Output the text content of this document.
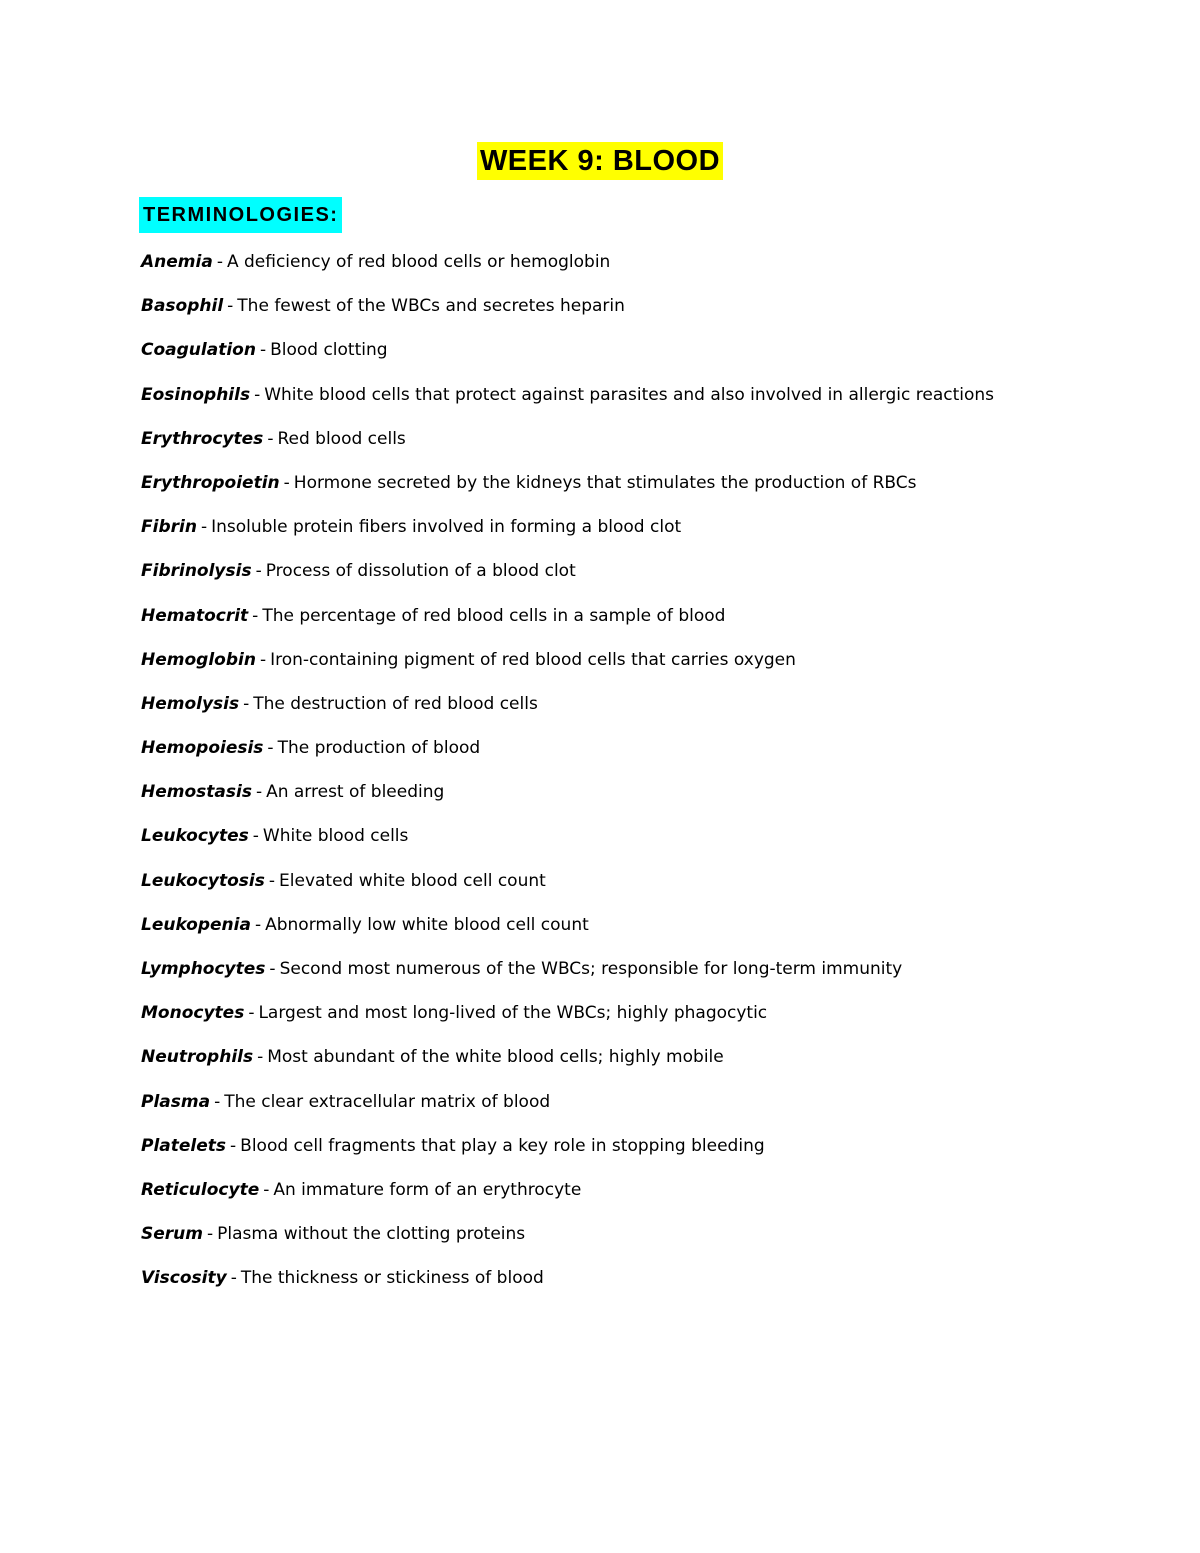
WEEK 9: BLOOD
TERMINOLOGIES:
Anemia - A deficiency of red blood cells or hemoglobin
Basophil - The fewest of the WBCs and secretes heparin
Coagulation - Blood clotting
Eosinophils - White blood cells that protect against parasites and also involved in allergic reactions
Erythrocytes - Red blood cells
Erythropoietin - Hormone secreted by the kidneys that stimulates the production of RBCs
Fibrin - Insoluble protein fibers involved in forming a blood clot
Fibrinolysis - Process of dissolution of a blood clot
Hematocrit - The percentage of red blood cells in a sample of blood
Hemoglobin - Iron-containing pigment of red blood cells that carries oxygen
Hemolysis - The destruction of red blood cells
Hemopoiesis - The production of blood
Hemostasis - An arrest of bleeding
Leukocytes - White blood cells
Leukocytosis - Elevated white blood cell count
Leukopenia - Abnormally low white blood cell count
Lymphocytes - Second most numerous of the WBCs; responsible for long-term immunity
Monocytes - Largest and most long-lived of the WBCs; highly phagocytic
Neutrophils - Most abundant of the white blood cells; highly mobile
Plasma - The clear extracellular matrix of blood
Platelets - Blood cell fragments that play a key role in stopping bleeding
Reticulocyte - An immature form of an erythrocyte
Serum - Plasma without the clotting proteins
Viscosity - The thickness or stickiness of blood
